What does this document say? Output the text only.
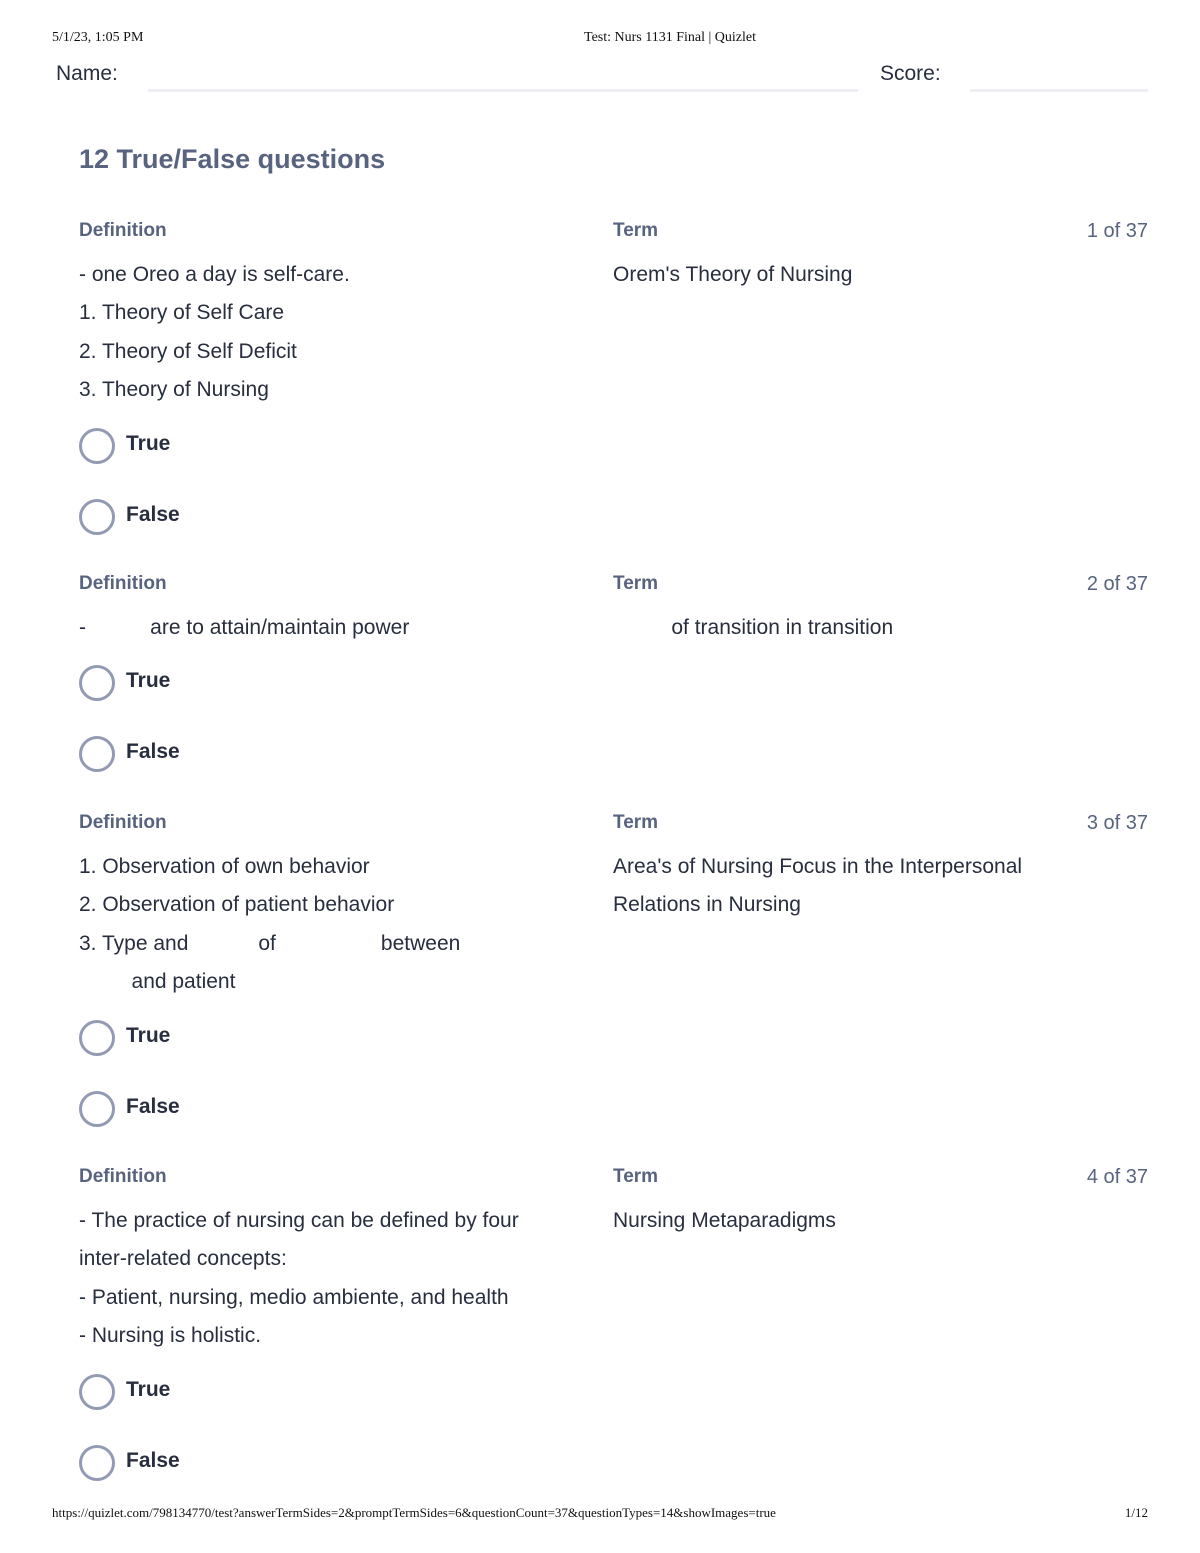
5/1/23, 1:05 PM	Test: Nurs 1131 Final | Quizlet
Name:	Score:
12 True/False questions
Definition	Term	1 of 37
- one Oreo a day is self-care.
1. Theory of Self Care
2. Theory of Self Deficit
3. Theory of Nursing
Orem's Theory of Nursing
True
False
Definition	Term	2 of 37
-           are to attain/maintain power	of transition in transition
True
False
Definition	Term	3 of 37
1. Observation of own behavior
2. Observation of patient behavior
3. Type and            of                  between
and patient
Area's of Nursing Focus in the Interpersonal
Relations in Nursing
True
False
Definition	Term	4 of 37
- The practice of nursing can be defined by four
inter-related concepts:
- Patient, nursing, medio ambiente, and health
- Nursing is holistic.
Nursing Metaparadigms
True
False
https://quizlet.com/798134770/test?answerTermSides=2&promptTermSides=6&questionCount=37&questionTypes=14&showImages=true	1/12
